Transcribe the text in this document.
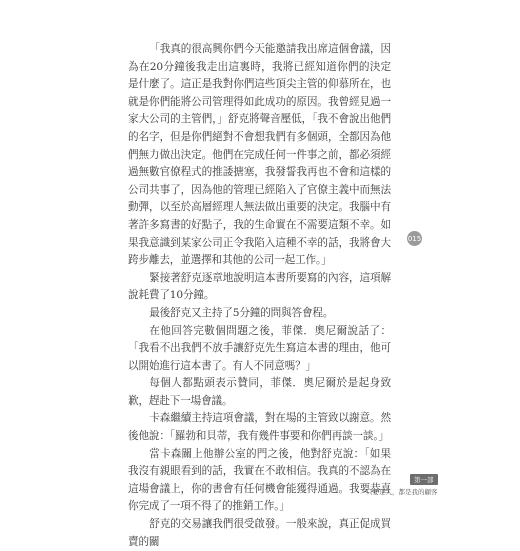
「我真的很高興你們今天能邀請我出席這個會議，因為在20分鐘後我走出這裏時，我將已經知道你們的決定是什麼了。這正是我對你們這些頂尖主管的仰慕所在，也就是你們能將公司管理得如此成功的原因。我曾經見過一家大公司的主管們，」舒克將聲音壓低，「我不會說出他們的名字，但是你們絕對不會想我們有多個頭，全都因為他們無力做出決定。他們在完成任何一件事之前，都必須經過無數官僚程式的推諉搪塞，我發誓我再也不會和這樣的公司共事了，因為他的管理已經陷入了官僚主義中而無法動彈，以至於高層經理人無法做出重要的決定。我腦中有著許多寫書的好點子，我的生命實在不需要這類不幸。如果我意識到某家公司正令我陷入這種不幸的話，我將會大跨步離去，並選擇和其他的公司一起工作。」

緊接著舒克逐章地說明這本書所要寫的內容，這項解說耗費了10分鐘。

最後舒克又主持了5分鐘的問與答會程。

在他回答完數個問題之後，菲傑．奧尼爾說話了：「我看不出我們不放手讓舒克先生寫這本書的理由，他可以開始進行這本書了。有人不同意嗎？」

每個人都點頭表示贊同，菲傑．奧尼爾於是起身致歉，趕赴下一場會議。

卡森繼續主持這項會議，對在場的主管致以謝意。然後他說：「羅勃和貝蒂，我有幾件事要和你們再談一談。」

當卡森關上他辦公室的門之後，他對舒克說：「如果我沒有親眼看到的話，我實在不敢相信。我真的不認為在這場會議上，你的書會有任何機會能獲得通過。我要恭喜你完成了一項不得了的推銷工作。」

舒克的交易讓我們很受啟發。一般來說，真正促成買賣的關

015
第一部
只要是人，都是我的顧客
